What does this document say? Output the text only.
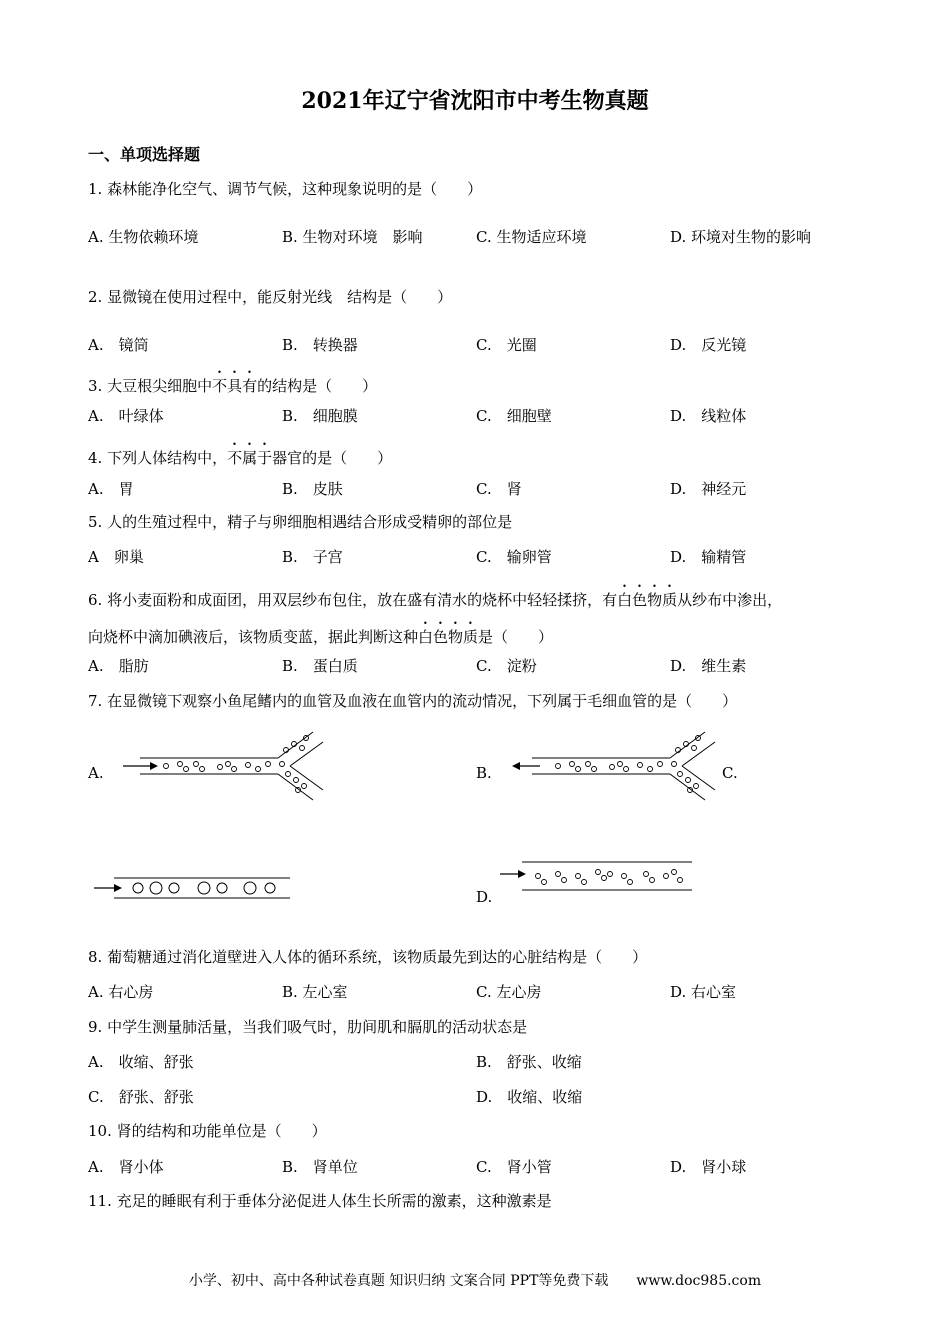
2021年辽宁省沈阳市中考生物真题
一、单项选择题
1. 森林能净化空气、调节气候，这种现象说明的是（　　）
A. 生物依赖环境	B. 生物对环境　影响	C. 生物适应环境	D. 环境对生物的影响
2. 显微镜在使用过程中，能反射光线　结构是（　　）
A.　镜筒	B.　转换器	C.　光圈	D.　反光镜
3. 大豆根尖细胞中不具有的结构是（　　）
A.　叶绿体	B.　细胞膜	C.　细胞壁	D.　线粒体
4. 下列人体结构中，不属于器官的是（　　）
A.　胃	B.　皮肤	C.　肾	D.　神经元
5. 人的生殖过程中，精子与卵细胞相遇结合形成受精卵的部位是
A　卵巢	B.　子宫	C.　输卵管	D.　输精管
6. 将小麦面粉和成面团，用双层纱布包住，放在盛有清水的烧杯中轻轻揉挤，有白色物质从纱布中渗出，
向烧杯中滴加碘液后，该物质变蓝，据此判断这种白色物质是（　　）
A.　脂肪	B.　蛋白质	C.　淀粉	D.　维生素
7. 在显微镜下观察小鱼尾鳍内的血管及血液在血管内的流动情况，下列属于毛细血管的是（　　）
A.	B.	C.
D.
8. 葡萄糖通过消化道壁进入人体的循环系统，该物质最先到达的心脏结构是（　　）
A. 右心房	B. 左心室	C. 左心房	D. 右心室
9. 中学生测量肺活量，当我们吸气时，肋间肌和膈肌的活动状态是
A.　收缩、舒张	B.　舒张、收缩
C.　舒张、舒张	D.　收缩、收缩
10. 肾的结构和功能单位是（　　）
A.　肾小体	B.　肾单位	C.　肾小管	D.　肾小球
11. 充足的睡眠有利于垂体分泌促进人体生长所需的激素，这种激素是
小学、初中、高中各种试卷真题 知识归纳 文案合同 PPT等免费下载　　www.doc985.com
